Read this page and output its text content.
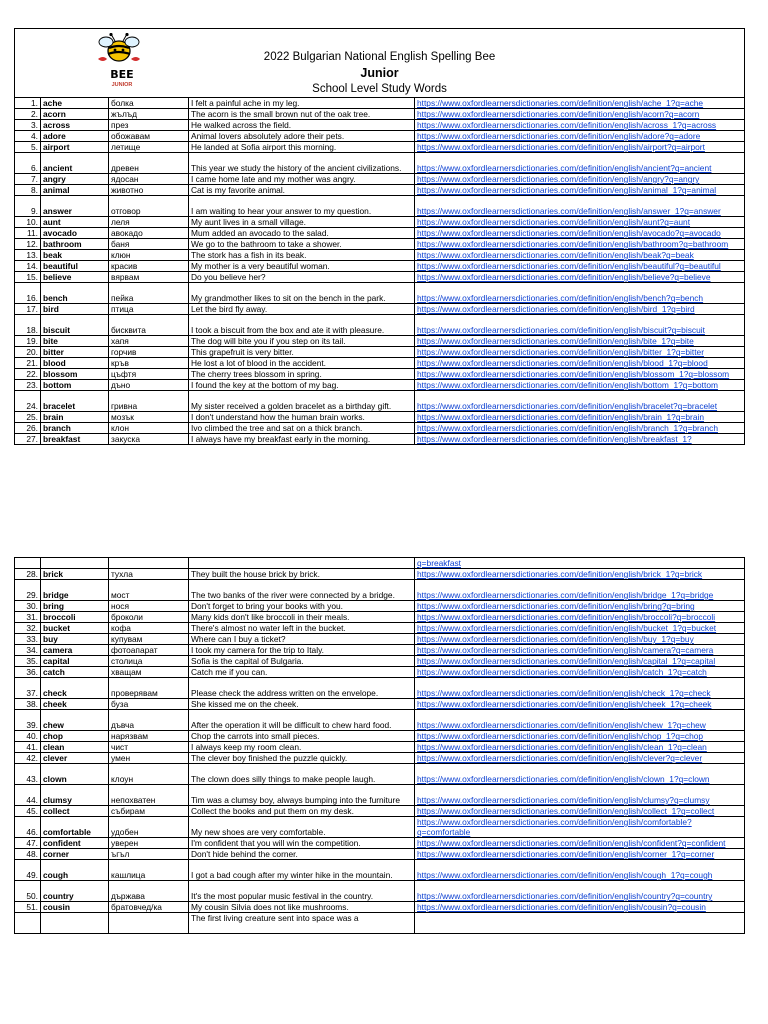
BEE
JUNIOR
2022 Bulgarian National English Spelling Bee
Junior
School Level Study Words				

1.	ache	болка	I felt a painful ache in my leg.	https://www.oxfordlearnersdictionaries.com/definition/english/ache_1?q=ache
2.	acorn	жълъд	The acorn is the small brown nut of the oak tree.	https://www.oxfordlearnersdictionaries.com/definition/english/acorn?q=acorn
3.	across	през	He walked across the field.	https://www.oxfordlearnersdictionaries.com/definition/english/across_1?q=across
4.	adore	обожавам	Animal lovers absolutely adore their pets.	https://www.oxfordlearnersdictionaries.com/definition/english/adore?q=adore
5.	airport	летище	He landed at Sofia airport this morning.	https://www.oxfordlearnersdictionaries.com/definition/english/airport?q=airport
6.	ancient	древен	This year we study the history of the ancient civilizations.	https://www.oxfordlearnersdictionaries.com/definition/english/ancient?q=ancient
7.	angry	ядосан	I came home late and my mother was angry.	https://www.oxfordlearnersdictionaries.com/definition/english/angry?q=angry
8.	animal	животно	Cat is my favorite animal.	https://www.oxfordlearnersdictionaries.com/definition/english/animal_1?q=animal
9.	answer	отговор	I am waiting to hear your answer to my question.	https://www.oxfordlearnersdictionaries.com/definition/english/answer_1?q=answer
10.	aunt	леля	My aunt lives in a small village.	https://www.oxfordlearnersdictionaries.com/definition/english/aunt?q=aunt
11.	avocado	авокадо	Mum added an avocado to the salad.	https://www.oxfordlearnersdictionaries.com/definition/english/avocado?q=avocado
12.	bathroom	баня	We go to the bathroom to take a shower.	https://www.oxfordlearnersdictionaries.com/definition/english/bathroom?q=bathroom
13.	beak	клюн	The stork has a fish in its beak.	https://www.oxfordlearnersdictionaries.com/definition/english/beak?q=beak
14.	beautiful	красив	My mother is a very beautiful woman.	https://www.oxfordlearnersdictionaries.com/definition/english/beautiful?q=beautiful
15.	believe	вярвам	Do you believe her?	https://www.oxfordlearnersdictionaries.com/definition/english/believe?q=believe
16.	bench	пейка	My grandmother likes to sit on the bench in the park.	https://www.oxfordlearnersdictionaries.com/definition/english/bench?q=bench
17.	bird	птица	Let the bird fly away.	https://www.oxfordlearnersdictionaries.com/definition/english/bird_1?q=bird
18.	biscuit	бисквита	I took a biscuit from the box and ate it with pleasure.	https://www.oxfordlearnersdictionaries.com/definition/english/biscuit?q=biscuit
19.	bite	хапя	The dog will bite you if you step on its tail.	https://www.oxfordlearnersdictionaries.com/definition/english/bite_1?q=bite
20.	bitter	горчив	This grapefruit is very bitter.	https://www.oxfordlearnersdictionaries.com/definition/english/bitter_1?q=bitter
21.	blood	кръв	He lost a lot of blood in the accident.	https://www.oxfordlearnersdictionaries.com/definition/english/blood_1?q=blood
22.	blossom	цъфтя	The cherry trees blossom in spring.	https://www.oxfordlearnersdictionaries.com/definition/english/blossom_1?q=blossom
23.	bottom	дъно	I found the key at the bottom of my bag.	https://www.oxfordlearnersdictionaries.com/definition/english/bottom_1?q=bottom
24.	bracelet	гривна	My sister received a golden bracelet as a birthday gift.	https://www.oxfordlearnersdictionaries.com/definition/english/bracelet?q=bracelet
25.	brain	мозък	I don't understand how the human brain works.	https://www.oxfordlearnersdictionaries.com/definition/english/brain_1?q=brain
26.	branch	клон	Ivo climbed the tree and sat on a thick branch.	https://www.oxfordlearnersdictionaries.com/definition/english/branch_1?q=branch
27.	breakfast	закуска	I always have my breakfast early in the morning.	https://www.oxfordlearnersdictionaries.com/definition/english/breakfast_1?
				q=breakfast
28.	brick	тухла	They built the house brick by brick.	https://www.oxfordlearnersdictionaries.com/definition/english/brick_1?q=brick
29.	bridge	мост	The two banks of the river were connected by a bridge.	https://www.oxfordlearnersdictionaries.com/definition/english/bridge_1?q=bridge
30.	bring	нося	Don't forget to bring your books with you.	https://www.oxfordlearnersdictionaries.com/definition/english/bring?q=bring
31.	broccoli	броколи	Many kids don't like broccoli in their meals.	https://www.oxfordlearnersdictionaries.com/definition/english/broccoli?q=broccoli
32.	bucket	кофа	There's almost no water left in the bucket.	https://www.oxfordlearnersdictionaries.com/definition/english/bucket_1?q=bucket
33.	buy	купувам	Where can I buy a ticket?	https://www.oxfordlearnersdictionaries.com/definition/english/buy_1?q=buy
34.	camera	фотоапарат	I took my camera for the trip to Italy.	https://www.oxfordlearnersdictionaries.com/definition/english/camera?q=camera
35.	capital	столица	Sofia is the capital of Bulgaria.	https://www.oxfordlearnersdictionaries.com/definition/english/capital_1?q=capital
36.	catch	хващам	Catch me if you can.	https://www.oxfordlearnersdictionaries.com/definition/english/catch_1?q=catch
37.	check	проверявам	Please check the address written on the envelope.	https://www.oxfordlearnersdictionaries.com/definition/english/check_1?q=check
38.	cheek	буза	She kissed me on the cheek.	https://www.oxfordlearnersdictionaries.com/definition/english/cheek_1?q=cheek
39.	chew	дъвча	After the operation it will be difficult to chew hard food.	https://www.oxfordlearnersdictionaries.com/definition/english/chew_1?q=chew
40.	chop	нарязвам	Chop the carrots into small pieces.	https://www.oxfordlearnersdictionaries.com/definition/english/chop_1?q=chop
41.	clean	чист	I always keep my room clean.	https://www.oxfordlearnersdictionaries.com/definition/english/clean_1?q=clean
42.	clever	умен	The clever boy finished the puzzle quickly.	https://www.oxfordlearnersdictionaries.com/definition/english/clever?q=clever
43.	clown	клоун	The clown does silly things to make people laugh.	https://www.oxfordlearnersdictionaries.com/definition/english/clown_1?q=clown
44.	clumsy	непохватен	Tim was a clumsy boy, always bumping into the furniture	https://www.oxfordlearnersdictionaries.com/definition/english/clumsy?q=clumsy
45.	collect	събирам	Collect the books and put them on my desk.	https://www.oxfordlearnersdictionaries.com/definition/english/collect_1?q=collect
46.	comfortable	удобен	My new shoes are very comfortable.	https://www.oxfordlearnersdictionaries.com/definition/english/comfortable?q=comfortable
47.	confident	уверен	I'm confident that you will win the competition.	https://www.oxfordlearnersdictionaries.com/definition/english/confident?q=confident
48.	corner	ъгъл	Don't hide behind the corner.	https://www.oxfordlearnersdictionaries.com/definition/english/corner_1?q=corner
49.	cough	кашлица	I got a bad cough after my winter hike in the mountain.	https://www.oxfordlearnersdictionaries.com/definition/english/cough_1?q=cough
50.	country	държава	It's the most popular music festival in the country.	https://www.oxfordlearnersdictionaries.com/definition/english/country?q=country
51.	cousin	братовчед/ка	My cousin Silvia does not like mushrooms.	https://www.oxfordlearnersdictionaries.com/definition/english/cousin?q=cousin
			The first living creature sent into space was a	
